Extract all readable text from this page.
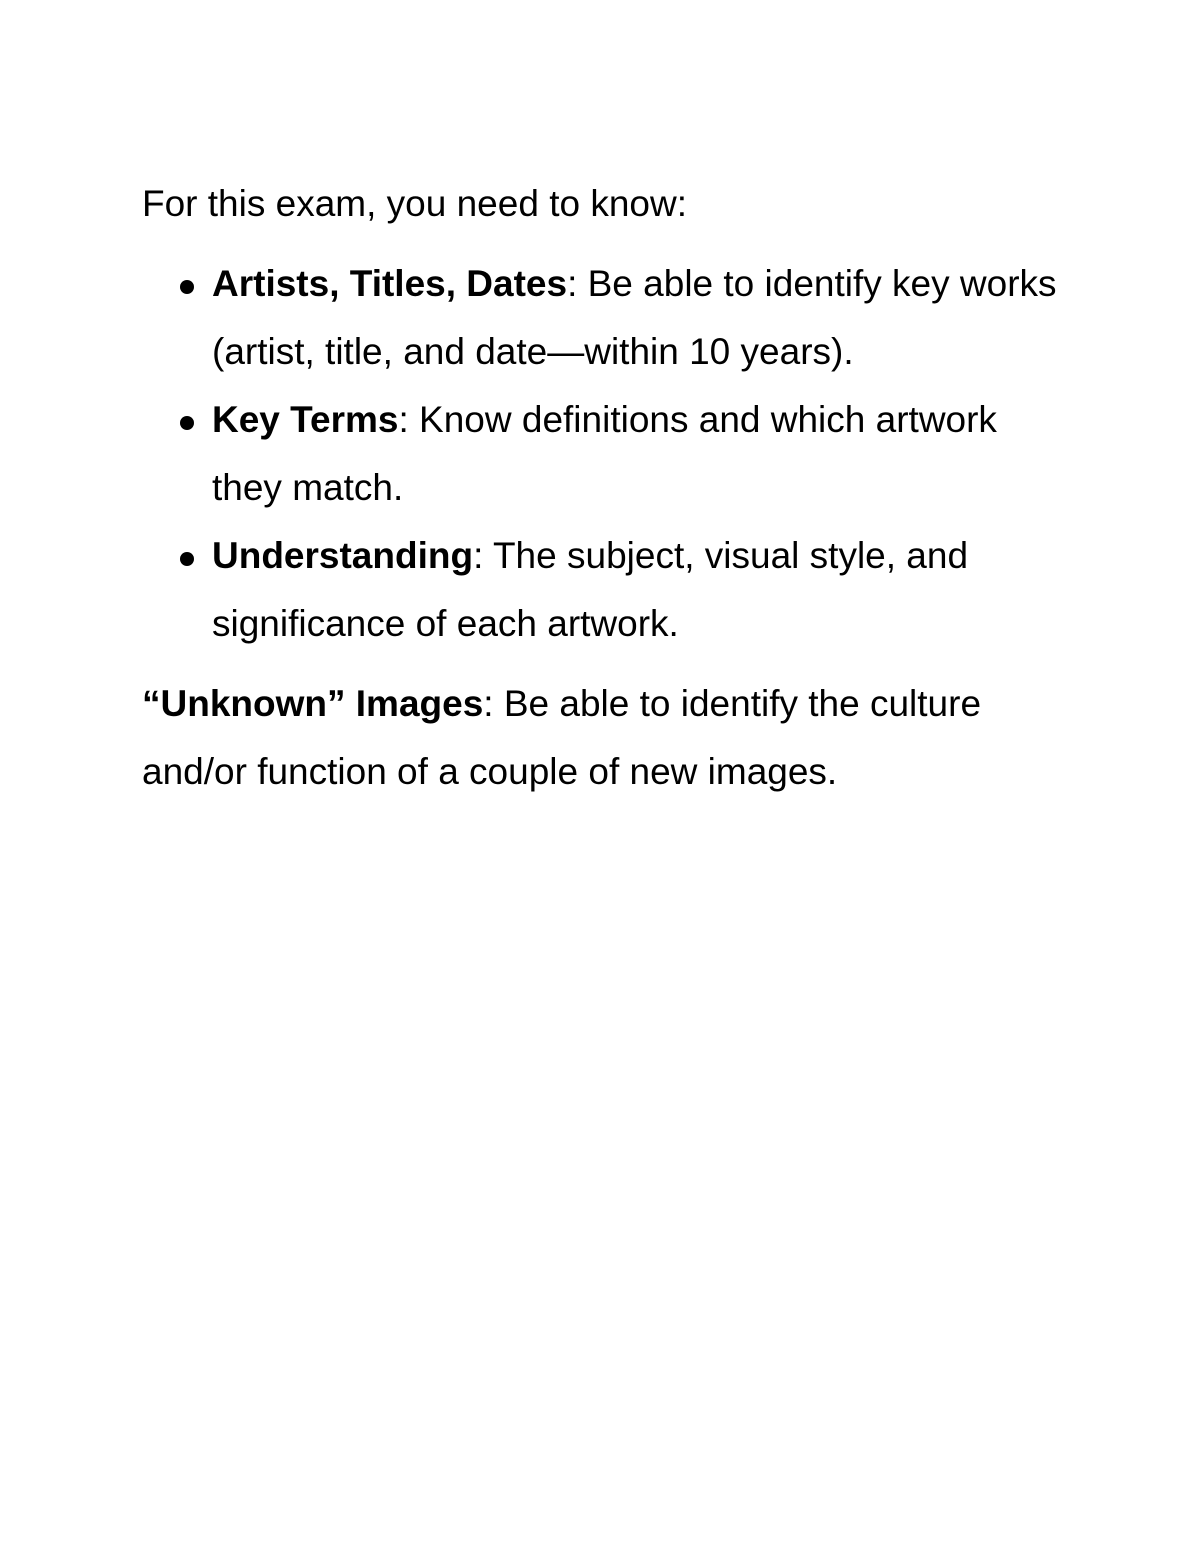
For this exam, you need to know:

Artists, Titles, Dates: Be able to identify key works (artist, title, and date—within 10 years).
Key Terms: Know definitions and which artwork they match.
Understanding: The subject, visual style, and significance of each artwork.

“Unknown” Images: Be able to identify the culture and/or function of a couple of new images.
